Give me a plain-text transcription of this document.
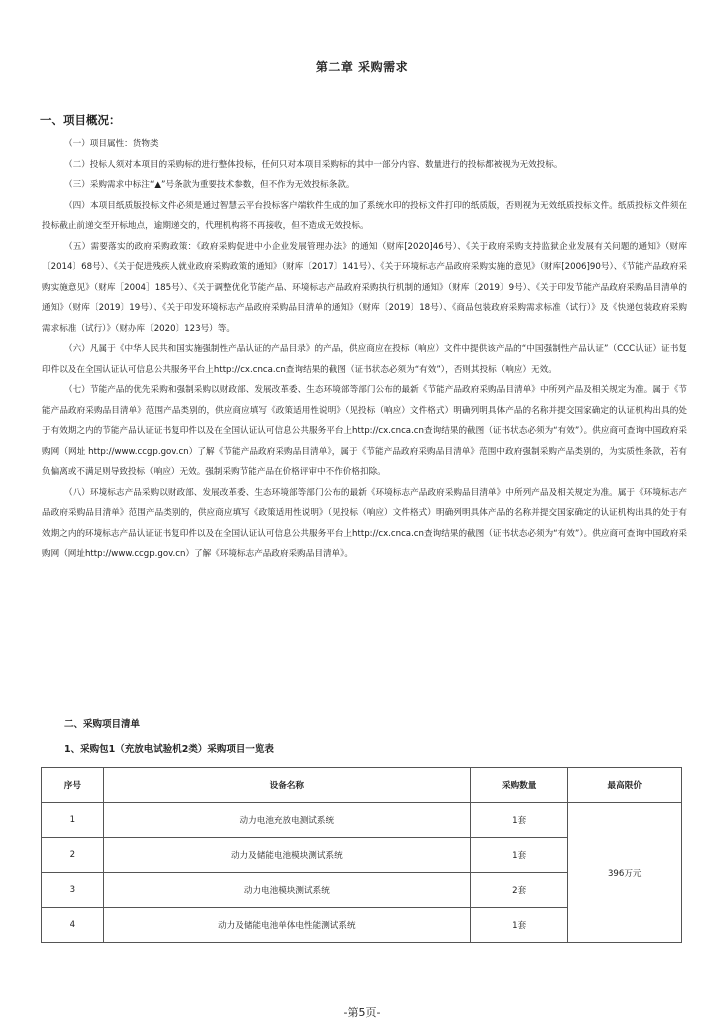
第二章 采购需求
一、项目概况：

（一）项目属性：货物类

（二）投标人须对本项目的采购标的进行整体投标，任何只对本项目采购标的其中一部分内容、数量进行的投标都被视为无效投标。

（三）采购需求中标注“▲”号条款为重要技术参数，但不作为无效投标条款。

（四）本项目纸质版投标文件必须是通过智慧云平台投标客户端软件生成的加了系统水印的投标文件打印的纸质版，否则视为无效纸质投标文件。纸质投标文件须在投标截止前递交至开标地点，逾期递交的，代理机构将不再接收，但不造成无效投标。

（五）需要落实的政府采购政策：《政府采购促进中小企业发展管理办法》的通知（财库[2020]46号）、《关于政府采购支持监狱企业发展有关问题的通知》（财库〔2014〕68号）、《关于促进残疾人就业政府采购政策的通知》（财库〔2017〕141号）、《关于环境标志产品政府采购实施的意见》（财库[2006]90号）、《节能产品政府采购实施意见》（财库［2004］185号）、《关于调整优化节能产品、环境标志产品政府采购执行机制的通知》（财库〔2019〕9号）、《关于印发节能产品政府采购品目清单的通知》（财库〔2019〕19号）、《关于印发环境标志产品政府采购品目清单的通知》（财库〔2019〕18号）、《商品包装政府采购需求标准（试行）》及《快递包装政府采购需求标准（试行）》（财办库〔2020〕123号）等。

（六）凡属于《中华人民共和国实施强制性产品认证的产品目录》的产品，供应商应在投标（响应）文件中提供该产品的“中国强制性产品认证”（CCC认证）证书复印件以及在全国认证认可信息公共服务平台上http://cx.cnca.cn查询结果的截图（证书状态必须为“有效”），否则其投标（响应）无效。

（七）节能产品的优先采购和强制采购以财政部、发展改革委、生态环境部等部门公布的最新《节能产品政府采购品目清单》中所列产品及相关规定为准。属于《节能产品政府采购品目清单》范围产品类别的，供应商应填写《政策适用性说明》（见投标（响应）文件格式）明确列明具体产品的名称并提交国家确定的认证机构出具的处于有效期之内的节能产品认证证书复印件以及在全国认证认可信息公共服务平台上http://cx.cnca.cn查询结果的截图（证书状态必须为“有效”）。供应商可查询中国政府采购网（网址 http://www.ccgp.gov.cn）了解《节能产品政府采购品目清单》，属于《节能产品政府采购品目清单》范围中政府强制采购产品类别的，为实质性条款，若有负偏离或不满足则导致投标（响应）无效。强制采购节能产品在价格评审中不作价格扣除。

（八）环境标志产品采购以财政部、发展改革委、生态环境部等部门公布的最新《环境标志产品政府采购品目清单》中所列产品及相关规定为准。属于《环境标志产品政府采购品目清单》范围产品类别的，供应商应填写《政策适用性说明》（见投标（响应）文件格式）明确列明具体产品的名称并提交国家确定的认证机构出具的处于有效期之内的环境标志产品认证证书复印件以及在全国认证认可信息公共服务平台上http://cx.cnca.cn查询结果的截图（证书状态必须为“有效”）。供应商可查询中国政府采购网（网址http://www.ccgp.gov.cn）了解《环境标志产品政府采购品目清单》。

二、采购项目清单
1、采购包1（充放电试验机2类）采购项目一览表
序号	设备名称	采购数量	最高限价
1	动力电池充放电测试系统	1套	396万元
2	动力及储能电池模块测试系统	1套	
3	动力电池模块测试系统	2套	
4	动力及储能电池单体电性能测试系统	1套	
-第5页-
